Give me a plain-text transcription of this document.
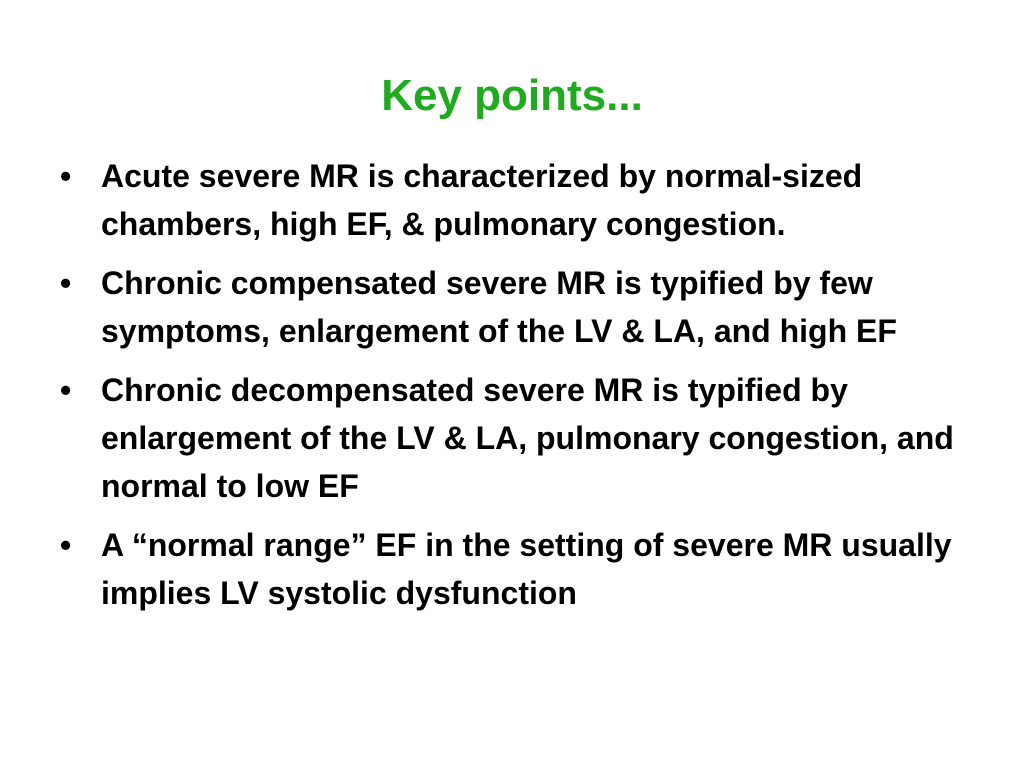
Key points...
• Acute severe MR is characterized by normal-sized chambers, high EF, & pulmonary congestion.
• Chronic compensated severe MR is typified by few symptoms, enlargement of the LV & LA, and high EF
• Chronic decompensated severe MR is typified by enlargement of the LV & LA, pulmonary congestion, and normal to low EF
• A “normal range” EF in the setting of severe MR usually implies LV systolic dysfunction
